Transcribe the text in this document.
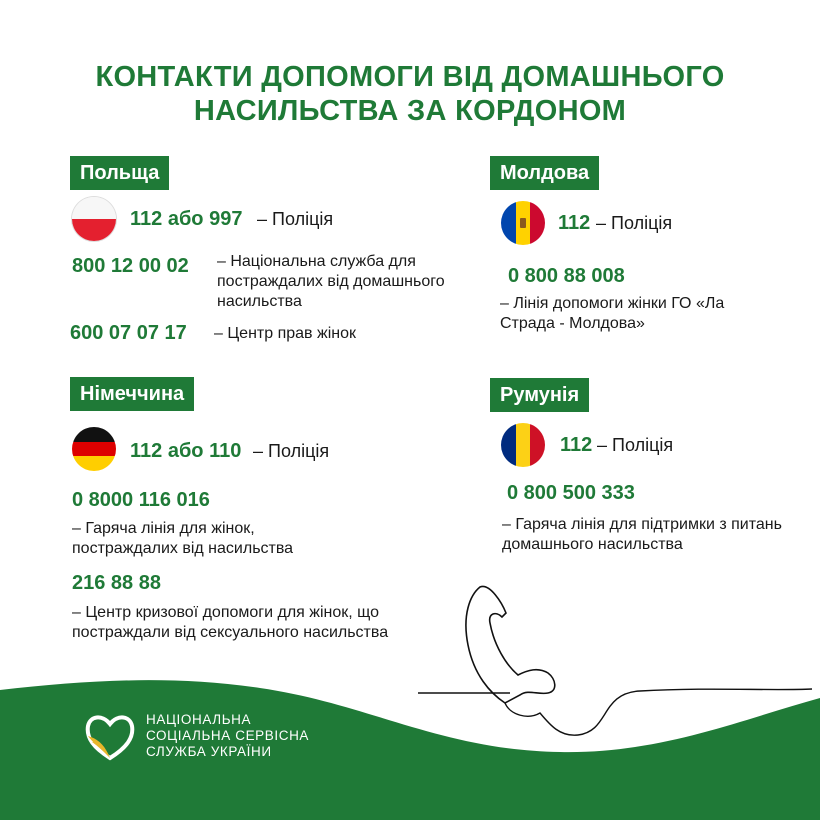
КОНТАКТИ ДОПОМОГИ ВІД ДОМАШНЬОГО
НАСИЛЬСТВА ЗА КОРДОНОМ
Польща
112 або 997 – Поліція
800 12 00 02 – Національна служба для постраждалих від домашнього насильства
600 07 07 17 – Центр прав жінок
Молдова
112 – Поліція
0 800 88 008
– Лінія допомоги жінки ГО «Ла Страда - Молдова»
Німеччина
112 або 110 – Поліція
0 8000 116 016
– Гаряча лінія для жінок, постраждалих від насильства
216 88 88
– Центр кризової допомоги для жінок, що постраждали від сексуального насильства
Румунія
112 – Поліція
0 800 500 333
– Гаряча лінія для підтримки з питань домашнього насильства
НАЦІОНАЛЬНА
СОЦІАЛЬНА СЕРВІСНА
СЛУЖБА УКРАЇНИ
